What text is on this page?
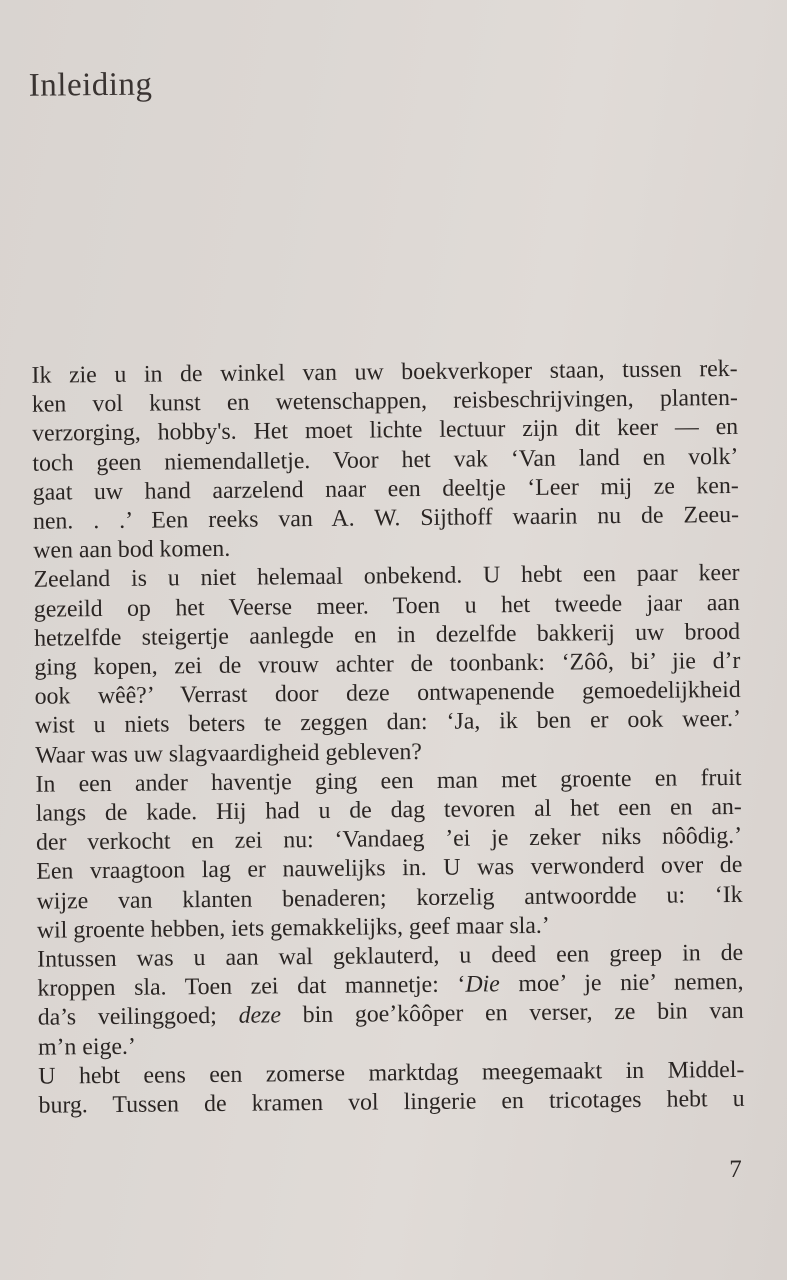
Inleiding
Ik zie u in de winkel van uw boekverkoper staan, tussen rek-
ken vol kunst en wetenschappen, reisbeschrijvingen, planten-
verzorging, hobby's. Het moet lichte lectuur zijn dit keer — en
toch geen niemendalletje. Voor het vak ‘Van land en volk’
gaat uw hand aarzelend naar een deeltje ‘Leer mij ze ken-
nen. . .’ Een reeks van A. W. Sijthoff waarin nu de Zeeu-
wen aan bod komen.
Zeeland is u niet helemaal onbekend. U hebt een paar keer
gezeild op het Veerse meer. Toen u het tweede jaar aan
hetzelfde steigertje aanlegde en in dezelfde bakkerij uw brood
ging kopen, zei de vrouw achter de toonbank: ‘Zôô, bi’ jie d’r
ook wêê?’ Verrast door deze ontwapenende gemoedelijkheid
wist u niets beters te zeggen dan: ‘Ja, ik ben er ook weer.’
Waar was uw slagvaardigheid gebleven?
In een ander haventje ging een man met groente en fruit
langs de kade. Hij had u de dag tevoren al het een en an-
der verkocht en zei nu: ‘Vandaeg ’ei je zeker niks nôôdig.’
Een vraagtoon lag er nauwelijks in. U was verwonderd over de
wijze van klanten benaderen; korzelig antwoordde u: ‘Ik
wil groente hebben, iets gemakkelijks, geef maar sla.’
Intussen was u aan wal geklauterd, u deed een greep in de
kroppen sla. Toen zei dat mannetje: ‘Die moe’ je nie’ nemen,
da’s veilinggoed; deze bin goe’kôôper en verser, ze bin van
m’n eige.’
U hebt eens een zomerse marktdag meegemaakt in Middel-
burg. Tussen de kramen vol lingerie en tricotages hebt u

7
